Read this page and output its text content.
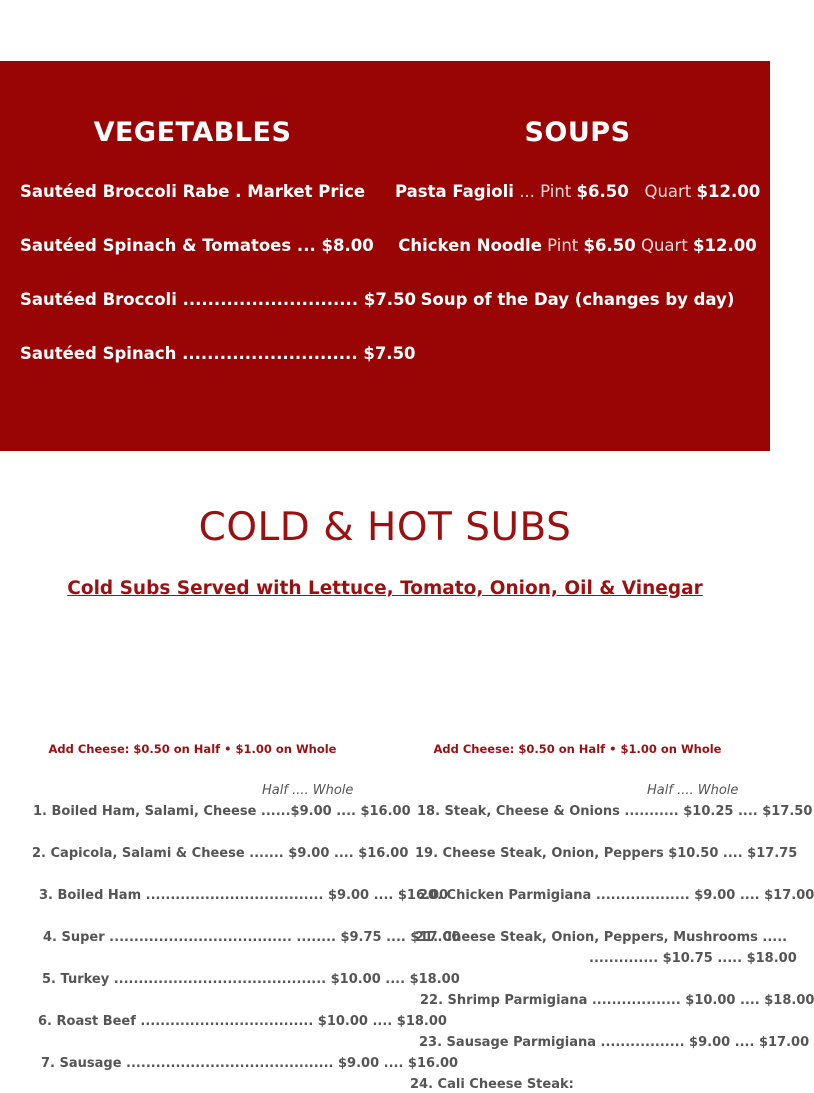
VEGETABLES
Sautéed Broccoli Rabe . Market Price
Sautéed Spinach & Tomatoes ... $8.00
Sautéed Broccoli ............................ $7.50
Sautéed Spinach ............................ $7.50
SOUPS
Pasta Fagioli ... Pint $6.50 Quart $12.00
Chicken Noodle Pint $6.50 Quart $12.00
Soup of the Day (changes by day)
COLD & HOT SUBS
Cold Subs Served with Lettuce, Tomato, Onion, Oil & Vinegar
Add Cheese: $0.50 on Half • $1.00 on Whole	Add Cheese: $0.50 on Half • $1.00 on Whole
Half .... Whole	Half .... Whole
1. Boiled Ham, Salami, Cheese ......$9.00 .... $16.00
2. Capicola, Salami & Cheese ....... $9.00 .... $16.00
3. Boiled Ham .................................... $9.00 .... $16.00
4. Super ..................................... ........ $9.75 .... $17.00
5. Turkey ........................................... $10.00 .... $18.00
6. Roast Beef ................................... $10.00 .... $18.00
7. Sausage .......................................... $9.00 .... $16.00
18. Steak, Cheese & Onions ........... $10.25 .... $17.50
19. Cheese Steak, Onion, Peppers $10.50 .... $17.75
20. Chicken Parmigiana ................... $9.00 .... $17.00
21. Cheese Steak, Onion, Peppers, Mushrooms .....
.............. $10.75 ..... $18.00
22. Shrimp Parmigiana .................. $10.00 .... $18.00
23. Sausage Parmigiana ................. $9.00 .... $17.00
24. Cali Cheese Steak:
